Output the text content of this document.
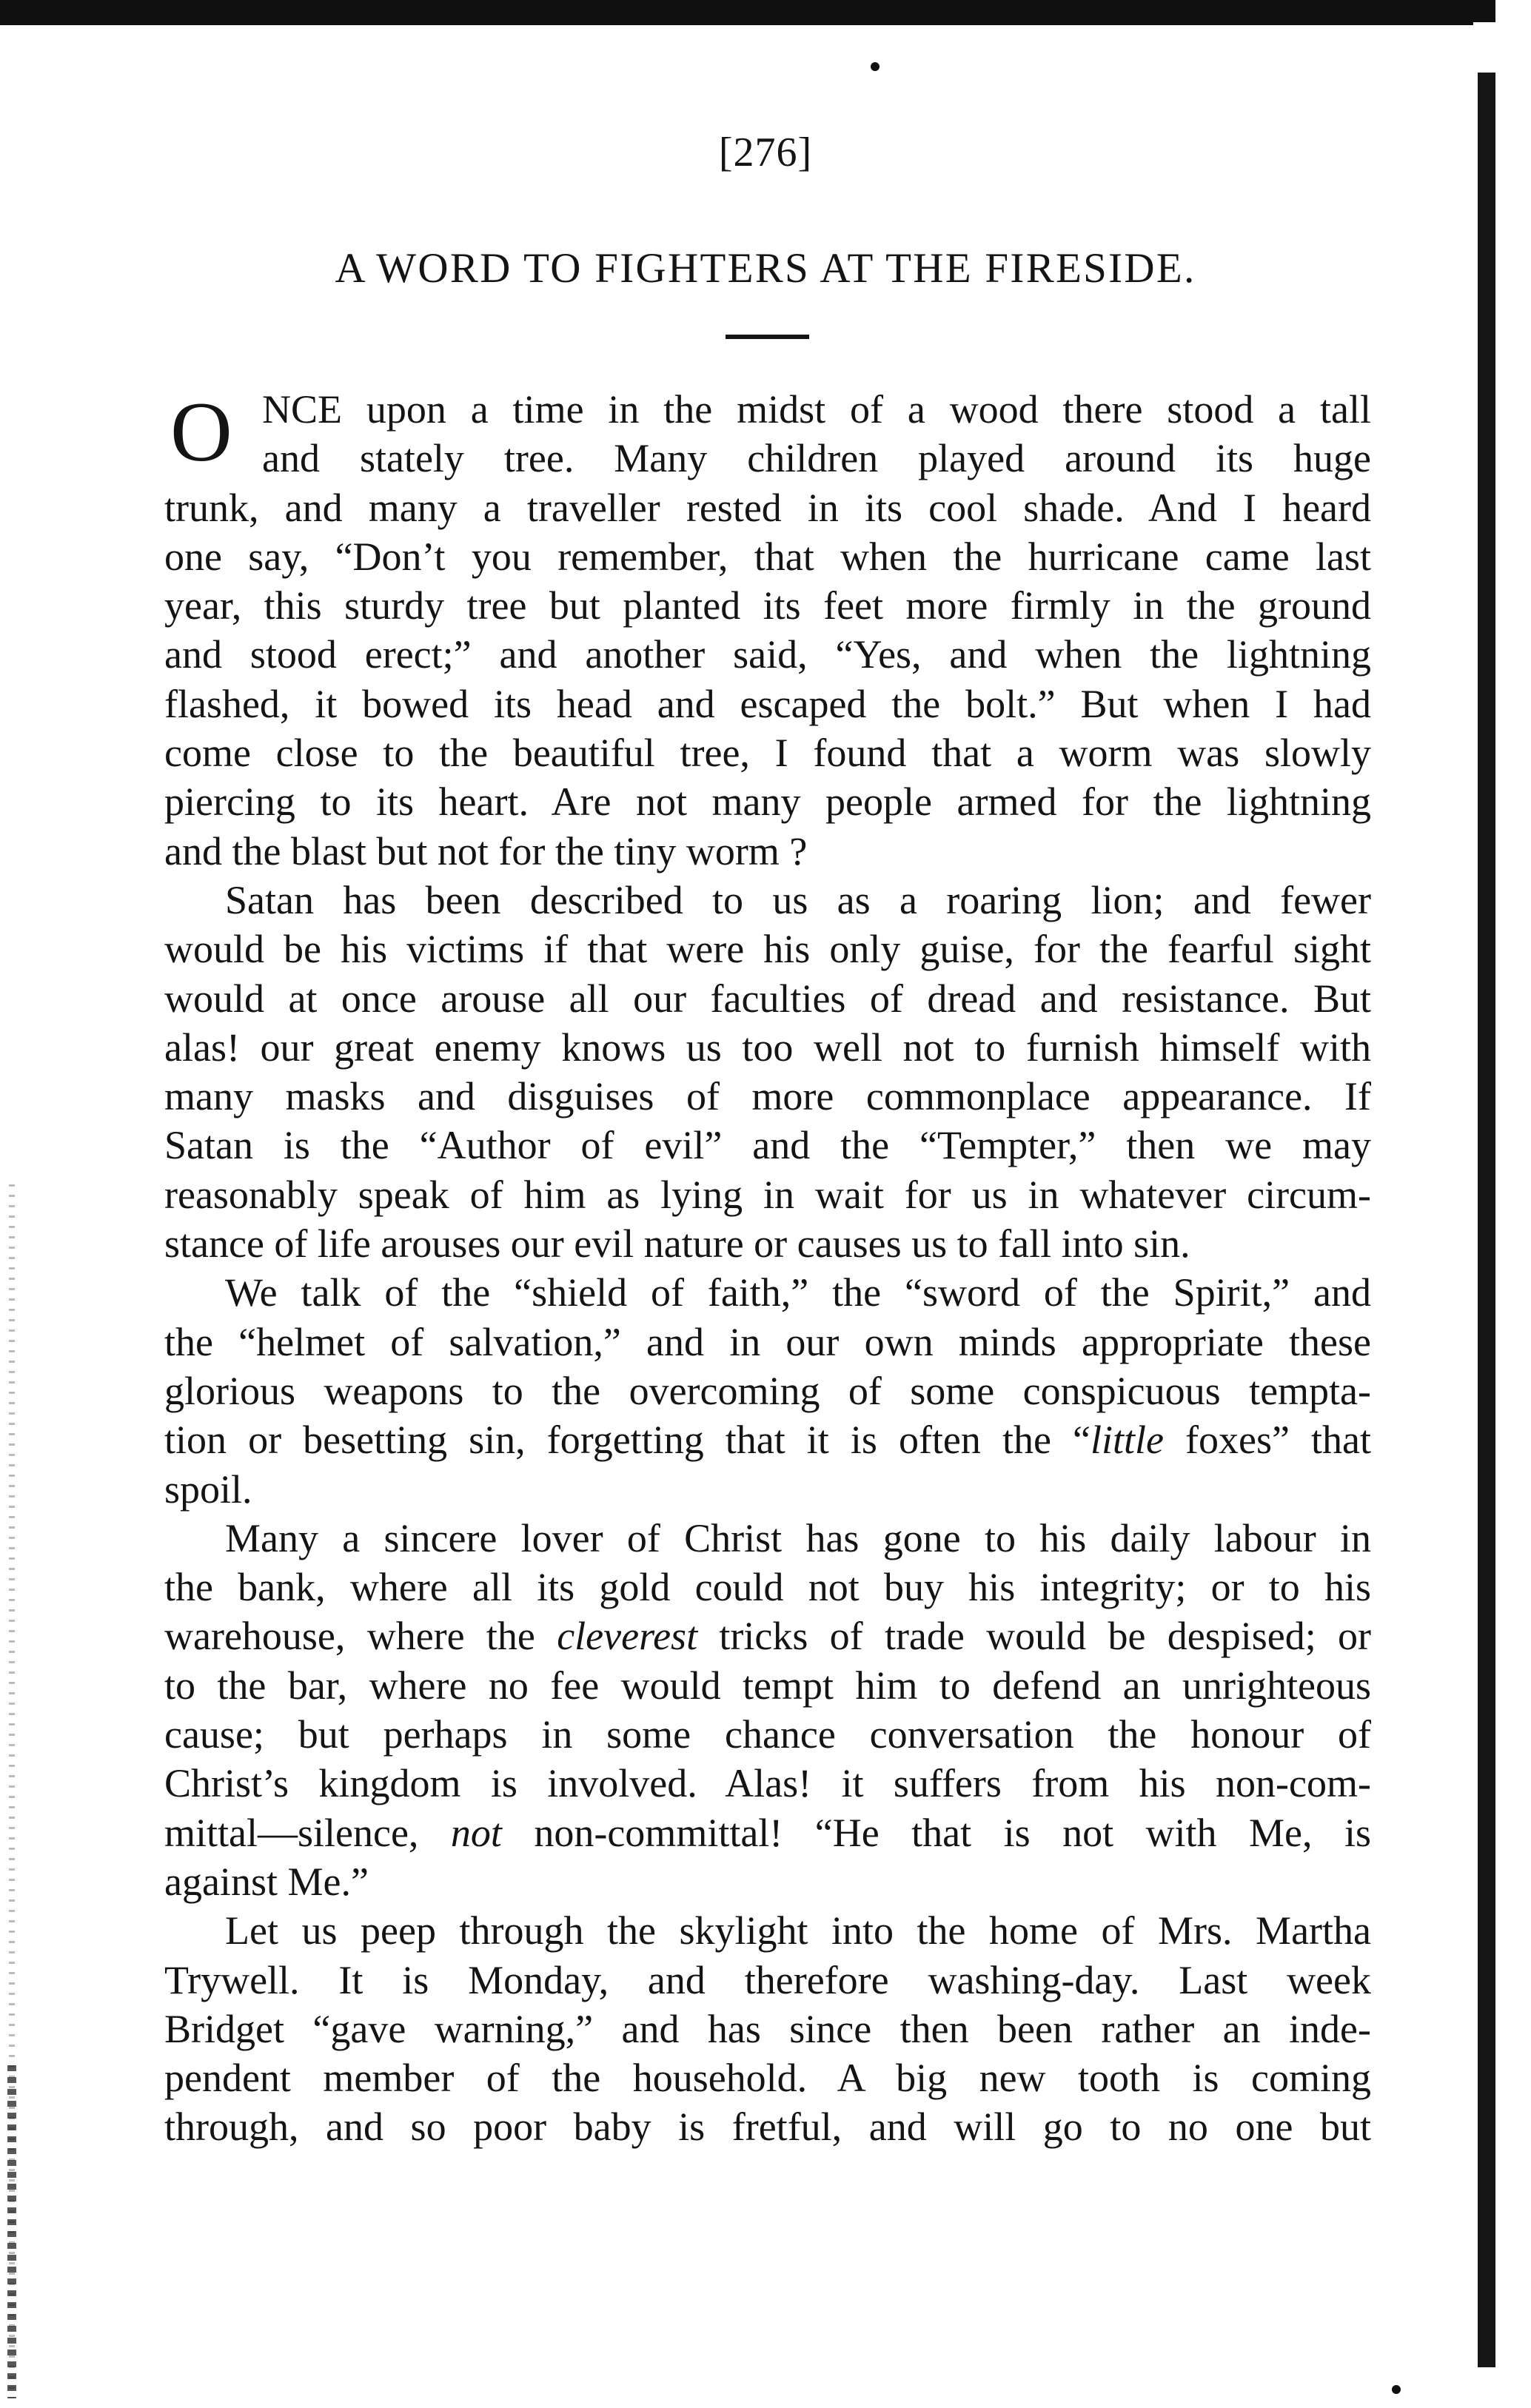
[276]
A WORD TO FIGHTERS AT THE FIRESIDE.
O NCE upon a time in the midst of a wood there stood a tall
and stately tree. Many children played around its huge
trunk, and many a traveller rested in its cool shade. And I heard
one say, “Don’t you remember, that when the hurricane came last
year, this sturdy tree but planted its feet more firmly in the ground
and stood erect;” and another said, “Yes, and when the lightning
flashed, it bowed its head and escaped the bolt.” But when I had
come close to the beautiful tree, I found that a worm was slowly
piercing to its heart. Are not many people armed for the lightning
and the blast but not for the tiny worm ?
Satan has been described to us as a roaring lion; and fewer
would be his victims if that were his only guise, for the fearful sight
would at once arouse all our faculties of dread and resistance. But
alas! our great enemy knows us too well not to furnish himself with
many masks and disguises of more commonplace appearance. If
Satan is the “Author of evil” and the “Tempter,” then we may
reasonably speak of him as lying in wait for us in whatever circum-
stance of life arouses our evil nature or causes us to fall into sin.
We talk of the “shield of faith,” the “sword of the Spirit,” and
the “helmet of salvation,” and in our own minds appropriate these
glorious weapons to the overcoming of some conspicuous tempta-
tion or besetting sin, forgetting that it is often the “little foxes” that
spoil.
Many a sincere lover of Christ has gone to his daily labour in
the bank, where all its gold could not buy his integrity; or to his
warehouse, where the cleverest tricks of trade would be despised; or
to the bar, where no fee would tempt him to defend an unrighteous
cause; but perhaps in some chance conversation the honour of
Christ’s kingdom is involved. Alas! it suffers from his non-com-
mittal—silence, not non-committal! “He that is not with Me, is
against Me.”
Let us peep through the skylight into the home of Mrs. Martha
Trywell. It is Monday, and therefore washing-day. Last week
Bridget “gave warning,” and has since then been rather an inde-
pendent member of the household. A big new tooth is coming
through, and so poor baby is fretful, and will go to no one but
